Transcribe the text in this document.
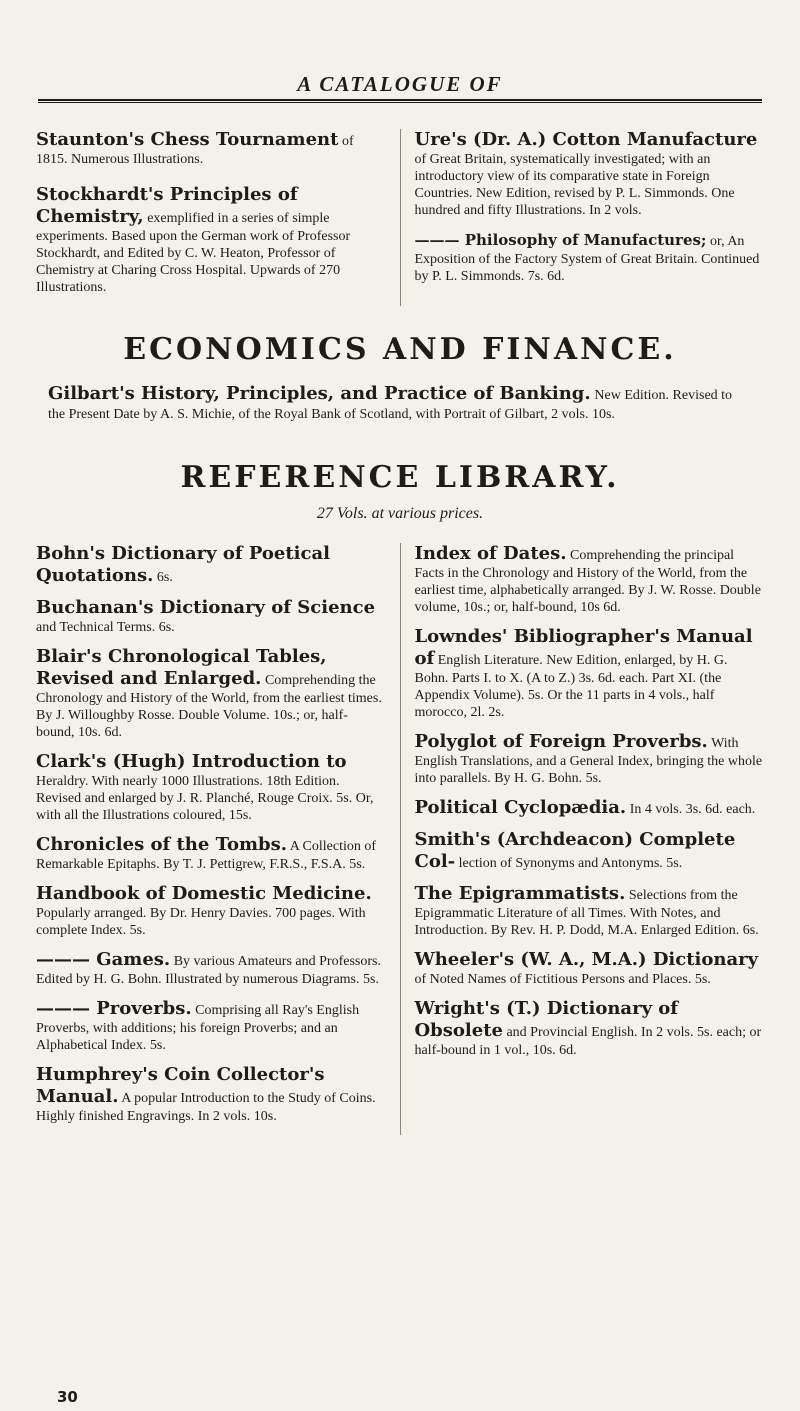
A CATALOGUE OF
Staunton's Chess Tournament of 1815. Numerous Illustrations.
Stockhardt's Principles of Chemistry, exemplified in a series of simple experiments. Based upon the German work of Professor Stockhardt, and Edited by C. W. Heaton, Professor of Chemistry at Charing Cross Hospital. Upwards of 270 Illustrations.
Ure's (Dr. A.) Cotton Manufacture of Great Britain, systematically investigated; with an introductory view of its comparative state in Foreign Countries. New Edition, revised by P. L. Simmonds. One hundred and fifty Illustrations. In 2 vols.
——— Philosophy of Manufactures; or, An Exposition of the Factory System of Great Britain. Continued by P. L. Simmonds. 7s. 6d.
ECONOMICS AND FINANCE.
Gilbart's History, Principles, and Practice of Banking. New Edition. Revised to the Present Date by A. S. Michie, of the Royal Bank of Scotland, with Portrait of Gilbart, 2 vols. 10s.
REFERENCE LIBRARY.
27 Vols. at various prices.
Bohn's Dictionary of Poetical Quotations. 6s.
Buchanan's Dictionary of Science and Technical Terms. 6s.
Blair's Chronological Tables, Revised and Enlarged. Comprehending the Chronology and History of the World, from the earliest times. By J. Willoughby Rosse. Double Volume. 10s.; or, half-bound, 10s. 6d.
Clark's (Hugh) Introduction to Heraldry. With nearly 1000 Illustrations. 18th Edition. Revised and enlarged by J. R. Planché, Rouge Croix. 5s. Or, with all the Illustrations coloured, 15s.
Chronicles of the Tombs. A Collection of Remarkable Epitaphs. By T. J. Pettigrew, F.R.S., F.S.A. 5s.
Handbook of Domestic Medicine. Popularly arranged. By Dr. Henry Davies. 700 pages. With complete Index. 5s.
——— Games. By various Amateurs and Professors. Edited by H. G. Bohn. Illustrated by numerous Diagrams. 5s.
——— Proverbs. Comprising all Ray's English Proverbs, with additions; his foreign Proverbs; and an Alphabetical Index. 5s.
Humphrey's Coin Collector's Manual. A popular Introduction to the Study of Coins. Highly finished Engravings. In 2 vols. 10s.
Index of Dates. Comprehending the principal Facts in the Chronology and History of the World, from the earliest time, alphabetically arranged. By J. W. Rosse. Double volume, 10s.; or, half-bound, 10s 6d.
Lowndes' Bibliographer's Manual of English Literature. New Edition, enlarged, by H. G. Bohn. Parts I. to X. (A to Z.) 3s. 6d. each. Part XI. (the Appendix Volume). 5s. Or the 11 parts in 4 vols., half morocco, 2l. 2s.
Polyglot of Foreign Proverbs. With English Translations, and a General Index, bringing the whole into parallels. By H. G. Bohn. 5s.
Political Cyclopædia. In 4 vols. 3s. 6d. each.
Smith's (Archdeacon) Complete Col- lection of Synonyms and Antonyms. 5s.
The Epigrammatists. Selections from the Epigrammatic Literature of all Times. With Notes, and Introduction. By Rev. H. P. Dodd, M.A. Enlarged Edition. 6s.
Wheeler's (W. A., M.A.) Dictionary of Noted Names of Fictitious Persons and Places. 5s.
Wright's (T.) Dictionary of Obsolete and Provincial English. In 2 vols. 5s. each; or half-bound in 1 vol., 10s. 6d.
30
